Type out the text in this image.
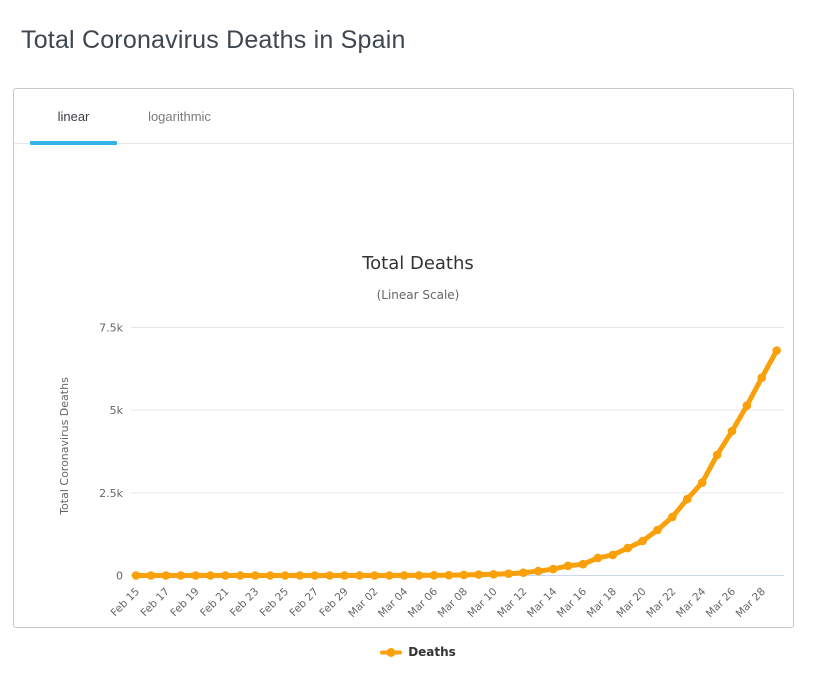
Total Coronavirus Deaths in Spain
linear	logarithmic
Total Deaths
(Linear Scale)
Total Coronavirus Deaths
0
2.5k
5k
7.5k
Feb 15
Feb 17
Feb 19
Feb 21
Feb 23
Feb 25
Feb 27
Feb 29
Mar 02
Mar 04
Mar 06
Mar 08
Mar 10
Mar 12
Mar 14
Mar 16
Mar 18
Mar 20
Mar 22
Mar 24
Mar 26
Mar 28
Deaths
